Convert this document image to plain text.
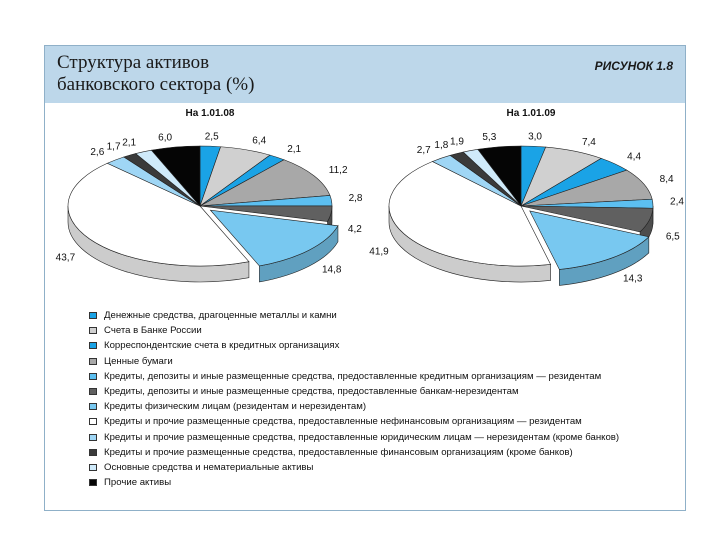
Структура активов
банковского сектора (%)
РИСУНОК 1.8
2,5	6,4
2,1
11,2
2,8
4,2
14,8
43,7
2,6 1,7 2,1 6,0
На 1.01.08
3,0
7,4
4,4
8,4
2,4
6,5
14,3
41,9
2,7 1,8 1,9 5,3
На 1.01.09
Денежные средства, драгоценные металлы и камни
Счета в Банке России
Корреспондентские счета в кредитных организациях
Ценные бумаги
Кредиты, депозиты и иные размещенные средства, предоставленные кредитным организациям — резидентам
Кредиты, депозиты и иные размещенные средства, предоставленные банкам-нерезидентам
Кредиты физическим лицам (резидентам и нерезидентам)
Кредиты и прочие размещенные средства, предоставленные нефинансовым организациям — резидентам
Кредиты и прочие размещенные средства, предоставленные юридическим лицам — нерезидентам (кроме банков)
Кредиты и прочие размещенные средства, предоставленные финансовым организациям (кроме банков)
Основные средства и нематериальные активы
Прочие активы
